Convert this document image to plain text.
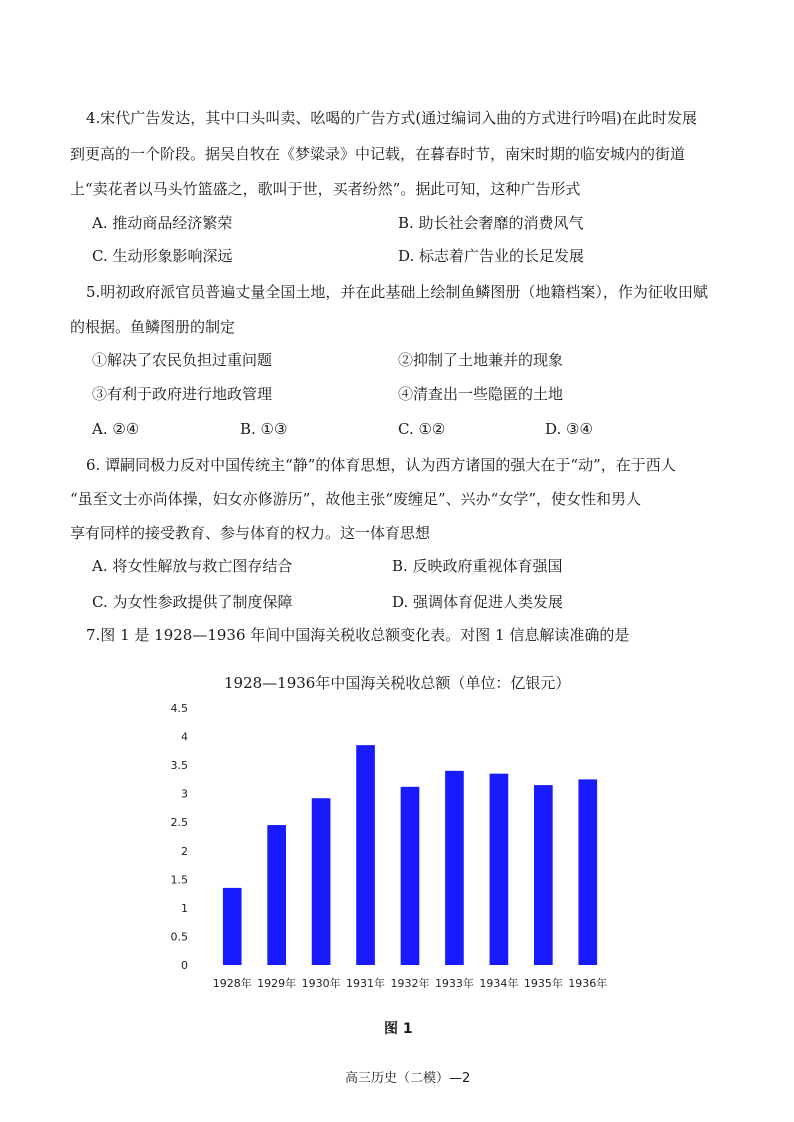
4.宋代广告发达，其中口头叫卖、吆喝的广告方式(通过编词入曲的方式进行吟唱)在此时发展
到更高的一个阶段。据吴自牧在《梦粱录》中记载，在暮春时节，南宋时期的临安城内的街道
上“卖花者以马头竹篮盛之，歌叫于世，买者纷然”。据此可知，这种广告形式
A. 推动商品经济繁荣	B. 助长社会奢靡的消费风气
C. 生动形象影响深远	D. 标志着广告业的长足发展
5.明初政府派官员普遍丈量全国土地，并在此基础上绘制鱼鳞图册（地籍档案），作为征收田赋
的根据。鱼鳞图册的制定
①解决了农民负担过重问题	②抑制了土地兼并的现象
③有利于政府进行地政管理	④清查出一些隐匿的土地
A. ②④	B. ①③	C. ①②	D. ③④
6. 谭嗣同极力反对中国传统主“静”的体育思想，认为西方诸国的强大在于“动”，在于西人
“虽至文士亦尚体操，妇女亦修游历”，故他主张“废缠足”、兴办“女学”，使女性和男人
享有同样的接受教育、参与体育的权力。这一体育思想
A. 将女性解放与救亡图存结合	B. 反映政府重视体育强国
C. 为女性参政提供了制度保障	D. 强调体育促进人类发展
7.图 1 是 1928—1936 年间中国海关税收总额变化表。对图 1 信息解读准确的是
1928—1936年中国海关税收总额（单位：亿银元）
0
0.5
1
1.5
2
2.5
3
3.5
4
4.5
1928年 1929年 1930年 1931年 1932年 1933年 1934年 1935年 1936年
图 1
高三历史（二模）—2
